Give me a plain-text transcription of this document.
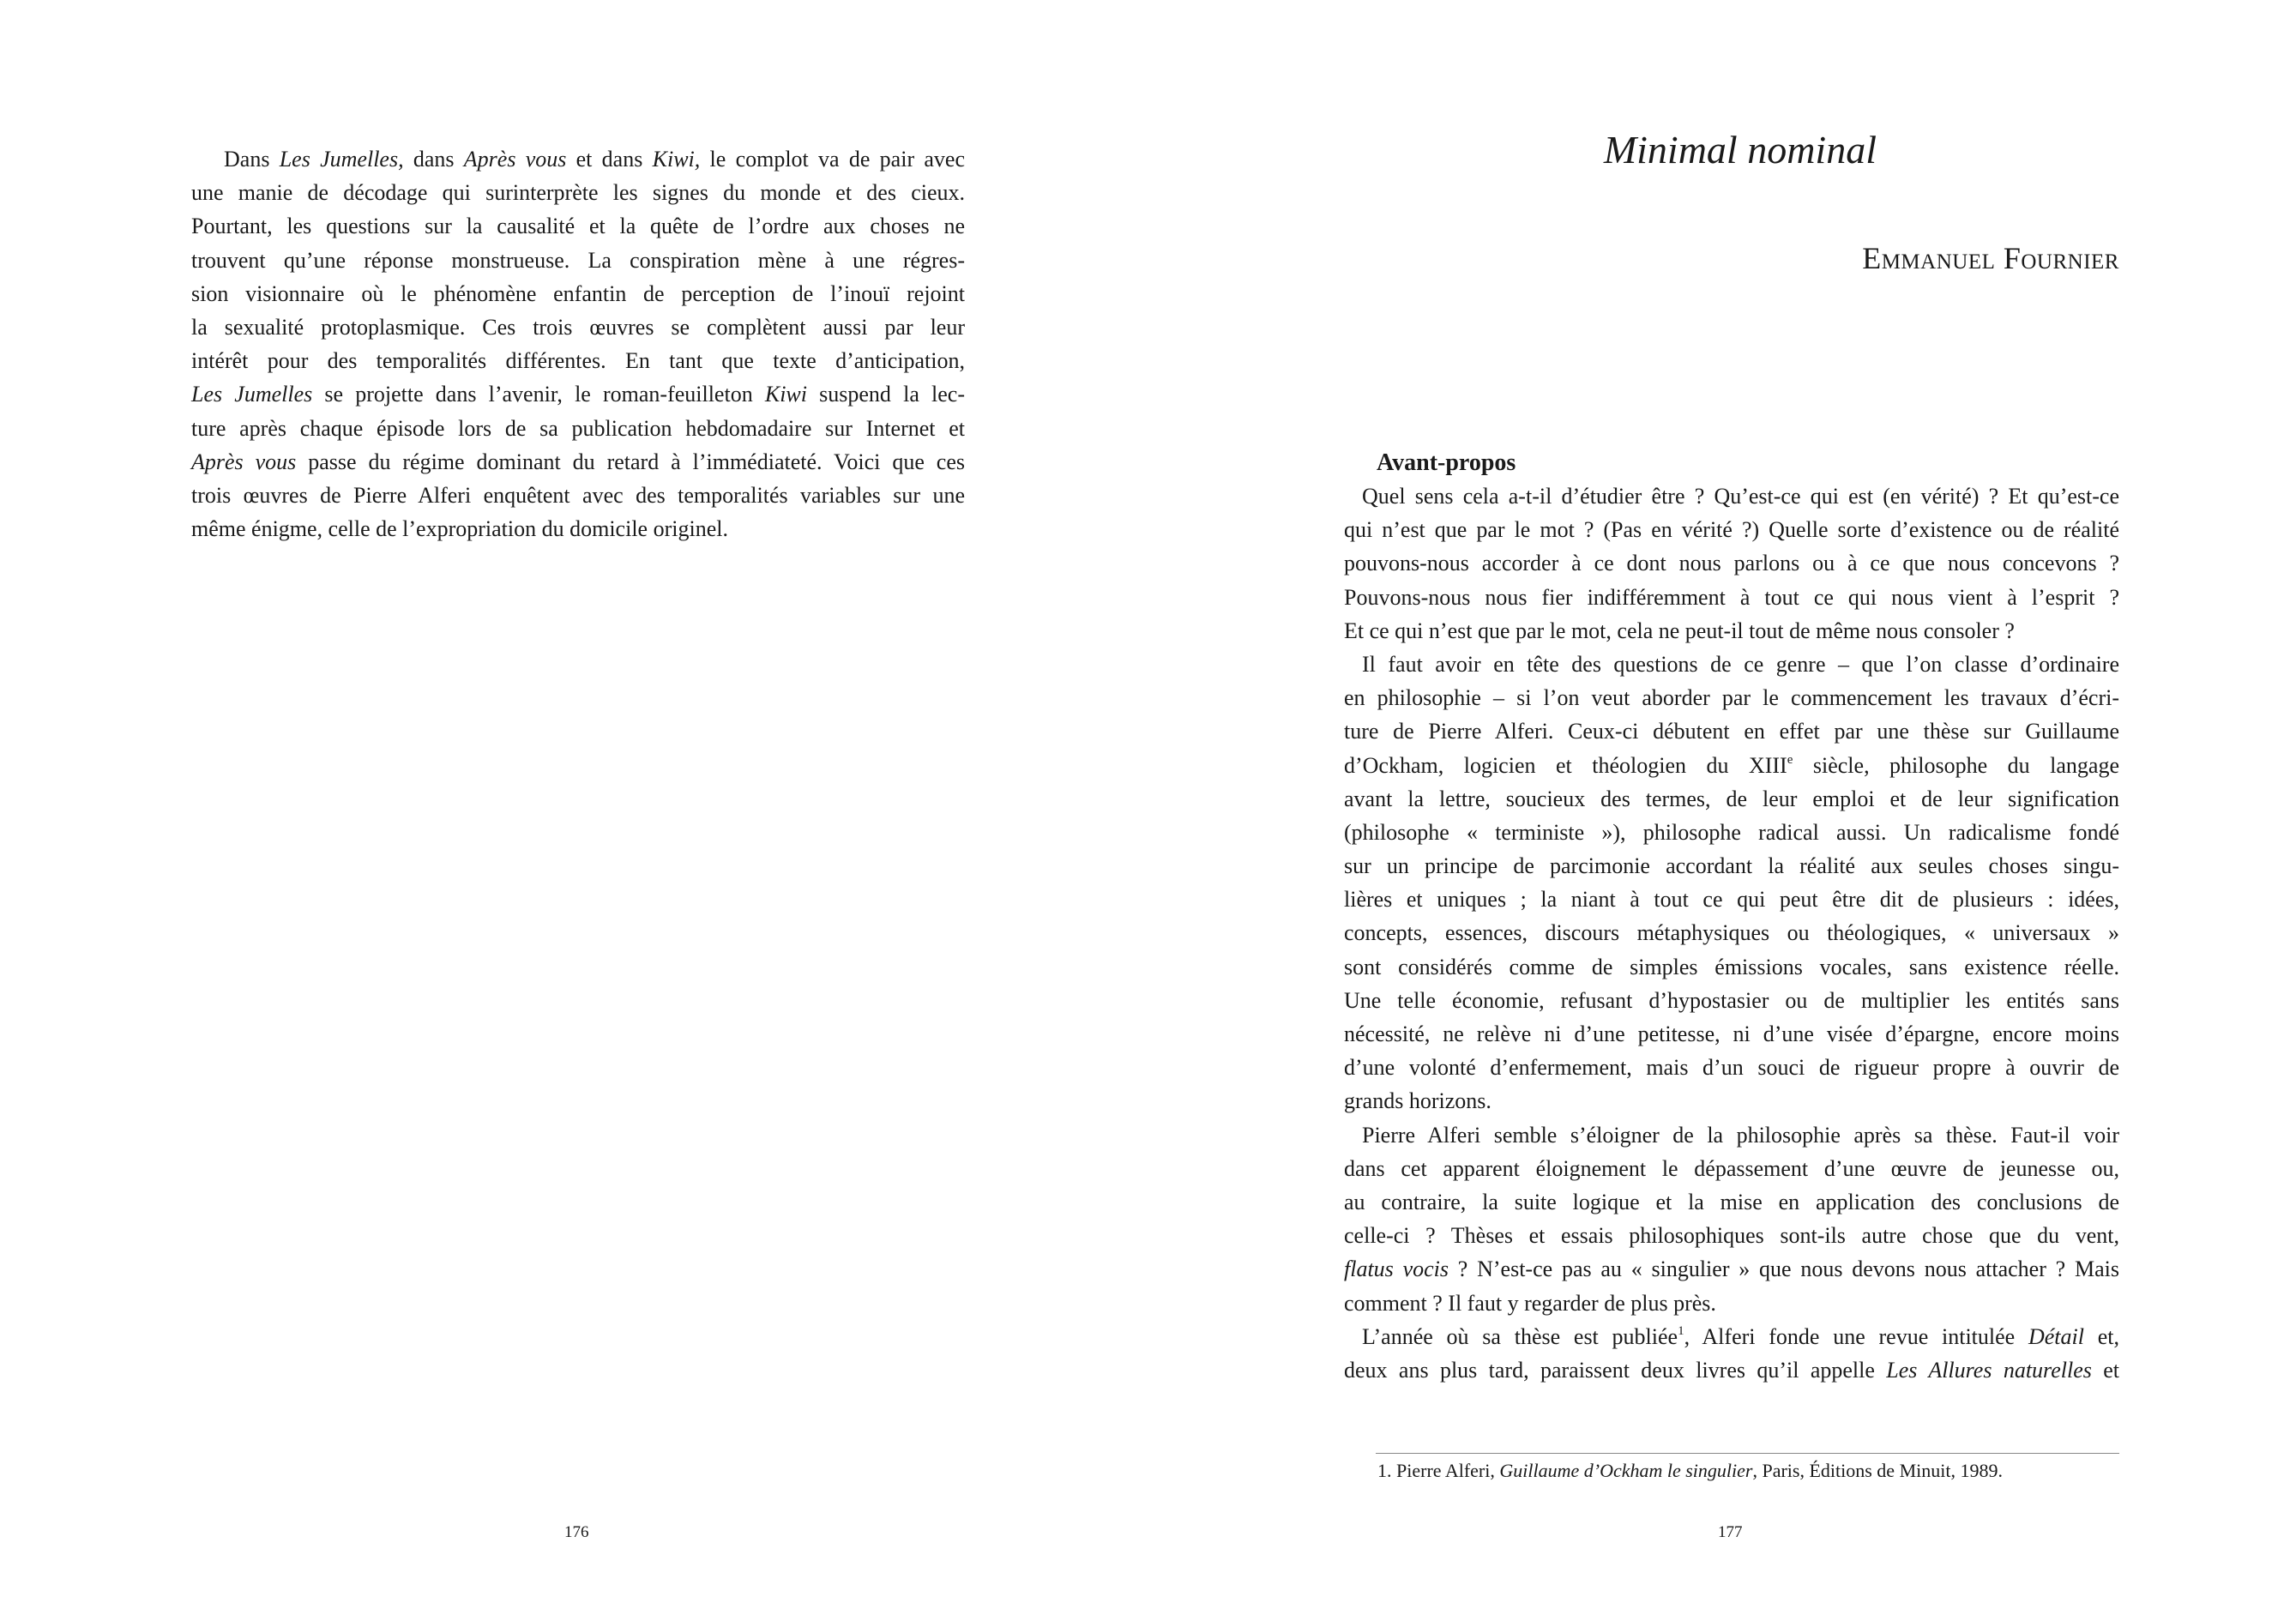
Dans Les Jumelles, dans Après vous et dans Kiwi, le complot va de pair avec
une manie de décodage qui surinterprète les signes du monde et des cieux.
Pourtant, les questions sur la causalité et la quête de l’ordre aux choses ne
trouvent qu’une réponse monstrueuse. La conspiration mène à une régres-
sion visionnaire où le phénomène enfantin de perception de l’inouï rejoint
la sexualité protoplasmique. Ces trois œuvres se complètent aussi par leur
intérêt pour des temporalités différentes. En tant que texte d’anticipation,
Les Jumelles se projette dans l’avenir, le roman-feuilleton Kiwi suspend la lec-
ture après chaque épisode lors de sa publication hebdomadaire sur Internet et
Après vous passe du régime dominant du retard à l’immédiateté. Voici que ces
trois œuvres de Pierre Alferi enquêtent avec des temporalités variables sur une
même énigme, celle de l’expropriation du domicile originel.
176
Minimal nominal
Emmanuel Fournier
Avant-propos
Quel sens cela a-t-il d’étudier être ? Qu’est-ce qui est (en vérité) ? Et qu’est-ce
qui n’est que par le mot ? (Pas en vérité ?) Quelle sorte d’existence ou de réalité
pouvons-nous accorder à ce dont nous parlons ou à ce que nous concevons ?
Pouvons-nous nous fier indifféremment à tout ce qui nous vient à l’esprit ?
Et ce qui n’est que par le mot, cela ne peut-il tout de même nous consoler ?
Il faut avoir en tête des questions de ce genre – que l’on classe d’ordinaire
en philosophie – si l’on veut aborder par le commencement les travaux d’écri-
ture de Pierre Alferi. Ceux-ci débutent en effet par une thèse sur Guillaume
d’Ockham, logicien et théologien du XIIIe siècle, philosophe du langage
avant la lettre, soucieux des termes, de leur emploi et de leur signification
(philosophe « terministe »), philosophe radical aussi. Un radicalisme fondé
sur un principe de parcimonie accordant la réalité aux seules choses singu-
lières et uniques ; la niant à tout ce qui peut être dit de plusieurs : idées,
concepts, essences, discours métaphysiques ou théologiques, « universaux »
sont considérés comme de simples émissions vocales, sans existence réelle.
Une telle économie, refusant d’hypostasier ou de multiplier les entités sans
nécessité, ne relève ni d’une petitesse, ni d’une visée d’épargne, encore moins
d’une volonté d’enfermement, mais d’un souci de rigueur propre à ouvrir de
grands horizons.
Pierre Alferi semble s’éloigner de la philosophie après sa thèse. Faut-il voir
dans cet apparent éloignement le dépassement d’une œuvre de jeunesse ou,
au contraire, la suite logique et la mise en application des conclusions de
celle-ci ? Thèses et essais philosophiques sont-ils autre chose que du vent,
flatus vocis ? N’est-ce pas au « singulier » que nous devons nous attacher ? Mais
comment ? Il faut y regarder de plus près.
L’année où sa thèse est publiée$^1$, Alferi fonde une revue intitulée Détail et,
deux ans plus tard, paraissent deux livres qu’il appelle Les Allures naturelles et
1. Pierre Alferi, Guillaume d’Ockham le singulier, Paris, Éditions de Minuit, 1989.
177
